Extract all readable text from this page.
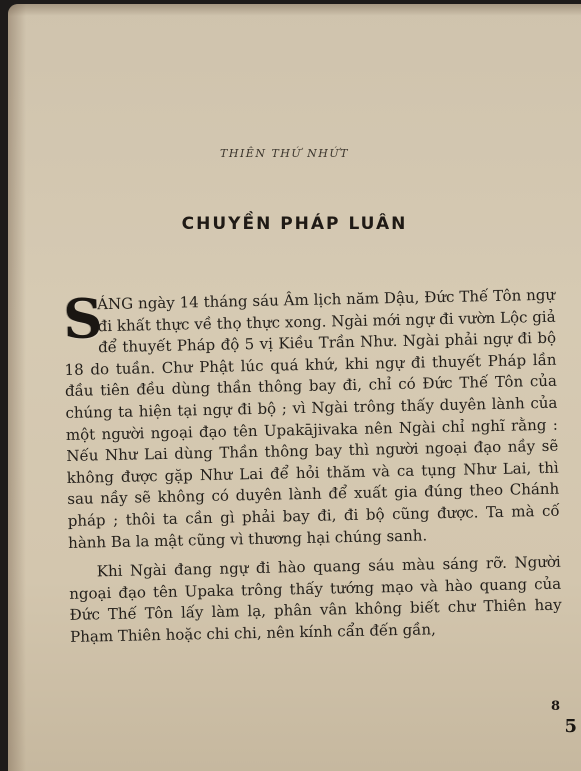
THIÊN THỨ NHỨT
CHUYỀN PHÁP LUÂN

S
ÁNG ngày 14 tháng sáu Âm lịch năm Dậu, Đức Thế Tôn ngự đi khất thực về thọ thực xong. Ngài mới ngự đi vườn Lộc giả để thuyết Pháp độ 5 vị Kiều Trần Như. Ngài phải ngự đi bộ 18 do tuần. Chư Phật lúc quá khứ, khi ngự đi thuyết Pháp lần đầu tiên đều dùng thần thông bay đi, chỉ có Đức Thế Tôn của chúng ta hiện tại ngự đi bộ ; vì Ngài trông thấy duyên lành của một người ngoại đạo tên Upakājivaka nên Ngài chỉ nghĩ rằng : Nếu Như Lai dùng Thần thông bay thì người ngoại đạo nầy sẽ không được gặp Như Lai để hỏi thăm và ca tụng Như Lai, thì sau nầy sẽ không có duyên lành để xuất gia đúng theo Chánh pháp ; thôi ta cần gì phải bay đi, đi bộ cũng được. Ta mà cố hành Ba la mật cũng vì thương hại chúng sanh.

Khi Ngài đang ngự đi hào quang sáu màu sáng rỡ. Người ngoại đạo tên Upaka trông thấy tướng mạo và hào quang của Đức Thế Tôn lấy làm lạ, phân vân không biết chư Thiên hay Phạm Thiên hoặc chi chi, nên kính cẩn đến gần,

8
5
